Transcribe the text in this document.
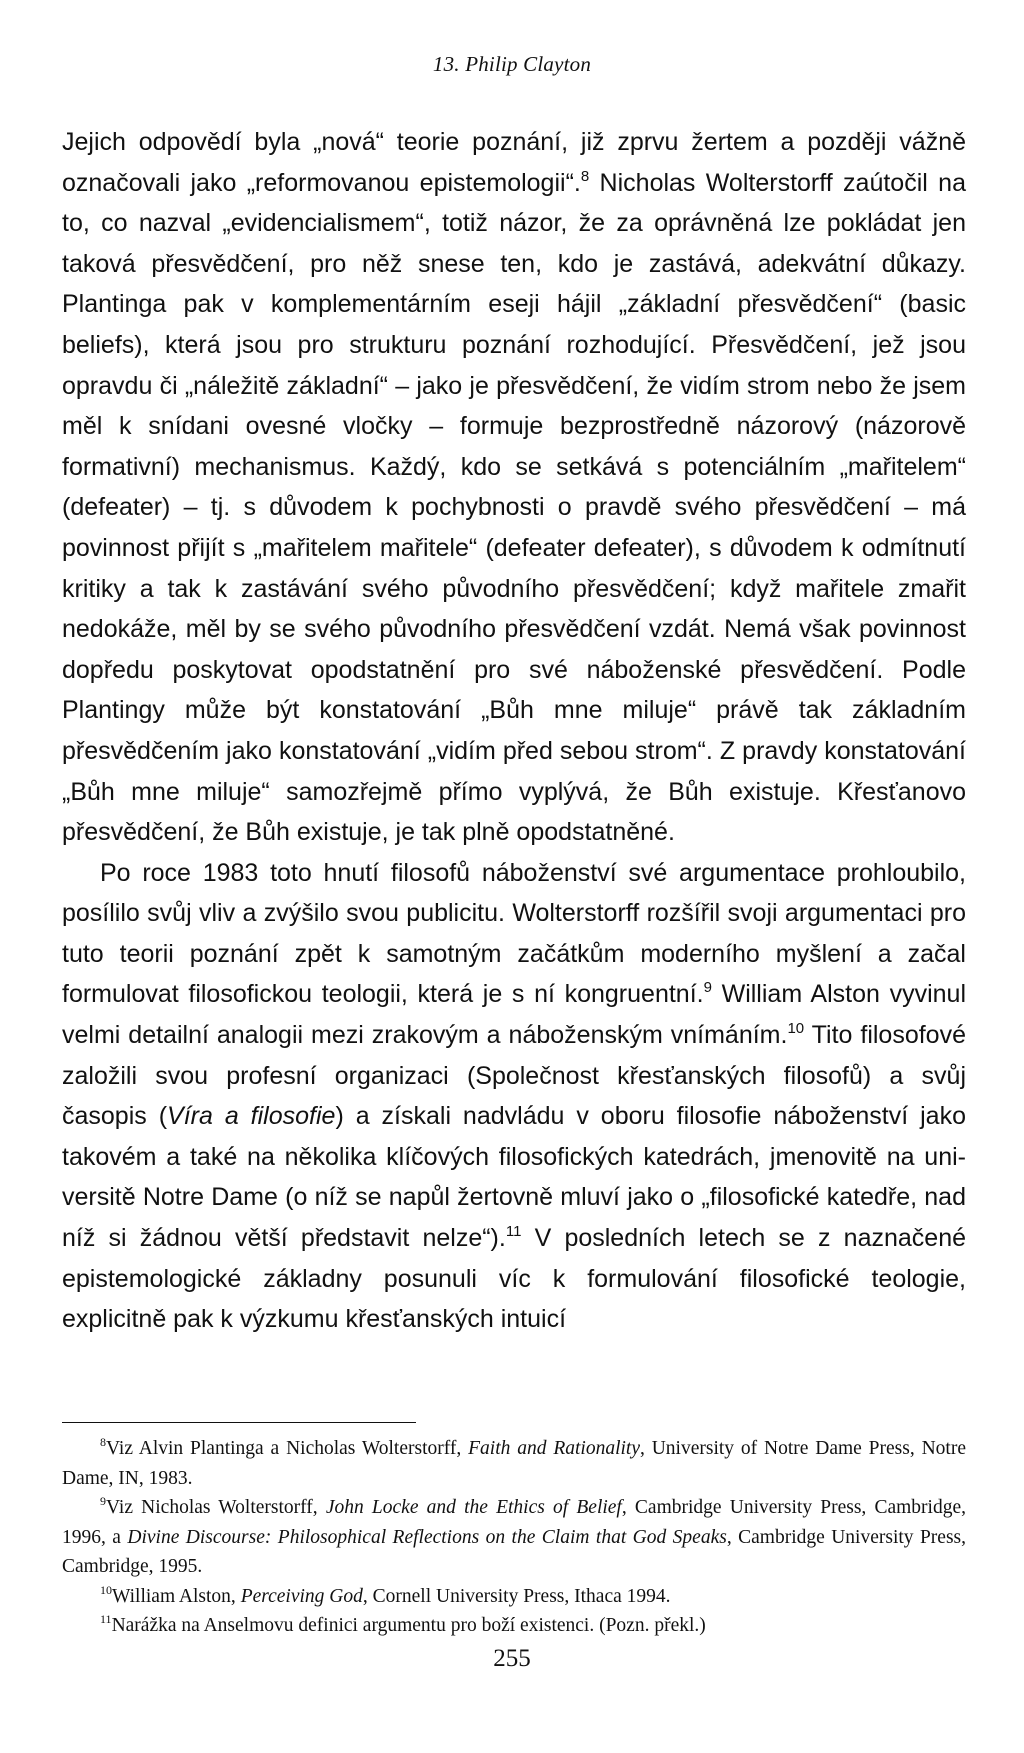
13. Philip Clayton

Jejich odpovědí byla „nová“ teorie poznání, již zprvu žertem a později vážně označovali jako „reformovanou epistemologii“.$^8$ Nicholas Wolterstorff zaútočil na to, co nazval „evidencialismem“, totiž názor, že za oprávněná lze pokládat jen taková přesvědčení, pro něž snese ten, kdo je zastává, adekvátní důkazy. Plantinga pak v komplementárním eseji hájil „základní přesvědčení“ (basic beliefs), která jsou pro strukturu poznání rozhodující. Přesvědčení, jež jsou opravdu či „náležitě základní“ – jako je přesvědčení, že vidím strom nebo že jsem měl k snídani ovesné vločky – formuje bezprostředně názorový (názorově formativní) mechanismus. Každý, kdo se setkává s potenciálním „mařitelem“ (defeater) – tj. s důvodem k pochybnosti o pravdě svého přesvědčení – má povinnost přijít s „mařitelem mařitele“ (defeater defeater), s důvodem k odmítnutí kritiky a tak k zastávání svého původního přesvědčení; když mařitele zmařit nedokáže, měl by se svého původního přesvědčení vzdát. Nemá však povinnost dopředu poskytovat opodstatnění pro své náboženské přesvědčení. Podle Plantingy může být konstatování „Bůh mne miluje“ právě tak základním přesvědčením jako konstatování „vidím před sebou strom“. Z pravdy konstatování „Bůh mne miluje“ samozřejmě přímo vyplývá, že Bůh existuje. Křesťanovo přesvědčení, že Bůh existuje, je tak plně opodstatněné.

Po roce 1983 toto hnutí filosofů náboženství své argumentace prohloubilo, posílilo svůj vliv a zvýšilo svou publicitu. Wolterstorff rozšířil svoji argumentaci pro tuto teorii poznání zpět k samotným začátkům moderního myšlení a začal formulovat filosofickou teologii, která je s ní kongruentní.$^9$ William Alston vyvinul velmi detailní analogii mezi zrakovým a náboženským vnímáním.$^{10}$ Tito filosofové založili svou profesní organizaci (Společnost křesťanských filosofů) a svůj časopis (Víra a filosofie) a získali nadvládu v oboru filosofie náboženství jako takovém a také na několika klíčových filosofických katedrách, jmenovitě na universitě Notre Dame (o níž se napůl žertovně mluví jako o „filosofické katedře, nad níž si žádnou větší představit nelze“).$^{11}$ V posledních letech se z naznačené epistemologické základny posunuli víc k formulování filosofické teologie, explicitně pak k výzkumu křesťanských intuicí

$^8$Viz Alvin Plantinga a Nicholas Wolterstorff, Faith and Rationality, University of Notre Dame Press, Notre Dame, IN, 1983.

$^9$Viz Nicholas Wolterstorff, John Locke and the Ethics of Belief, Cambridge University Press, Cambridge, 1996, a Divine Discourse: Philosophical Reflections on the Claim that God Speaks, Cambridge University Press, Cambridge, 1995.

$^{10}$William Alston, Perceiving God, Cornell University Press, Ithaca 1994.

$^{11}$Narážka na Anselmovu definici argumentu pro boží existenci. (Pozn. překl.)

255
